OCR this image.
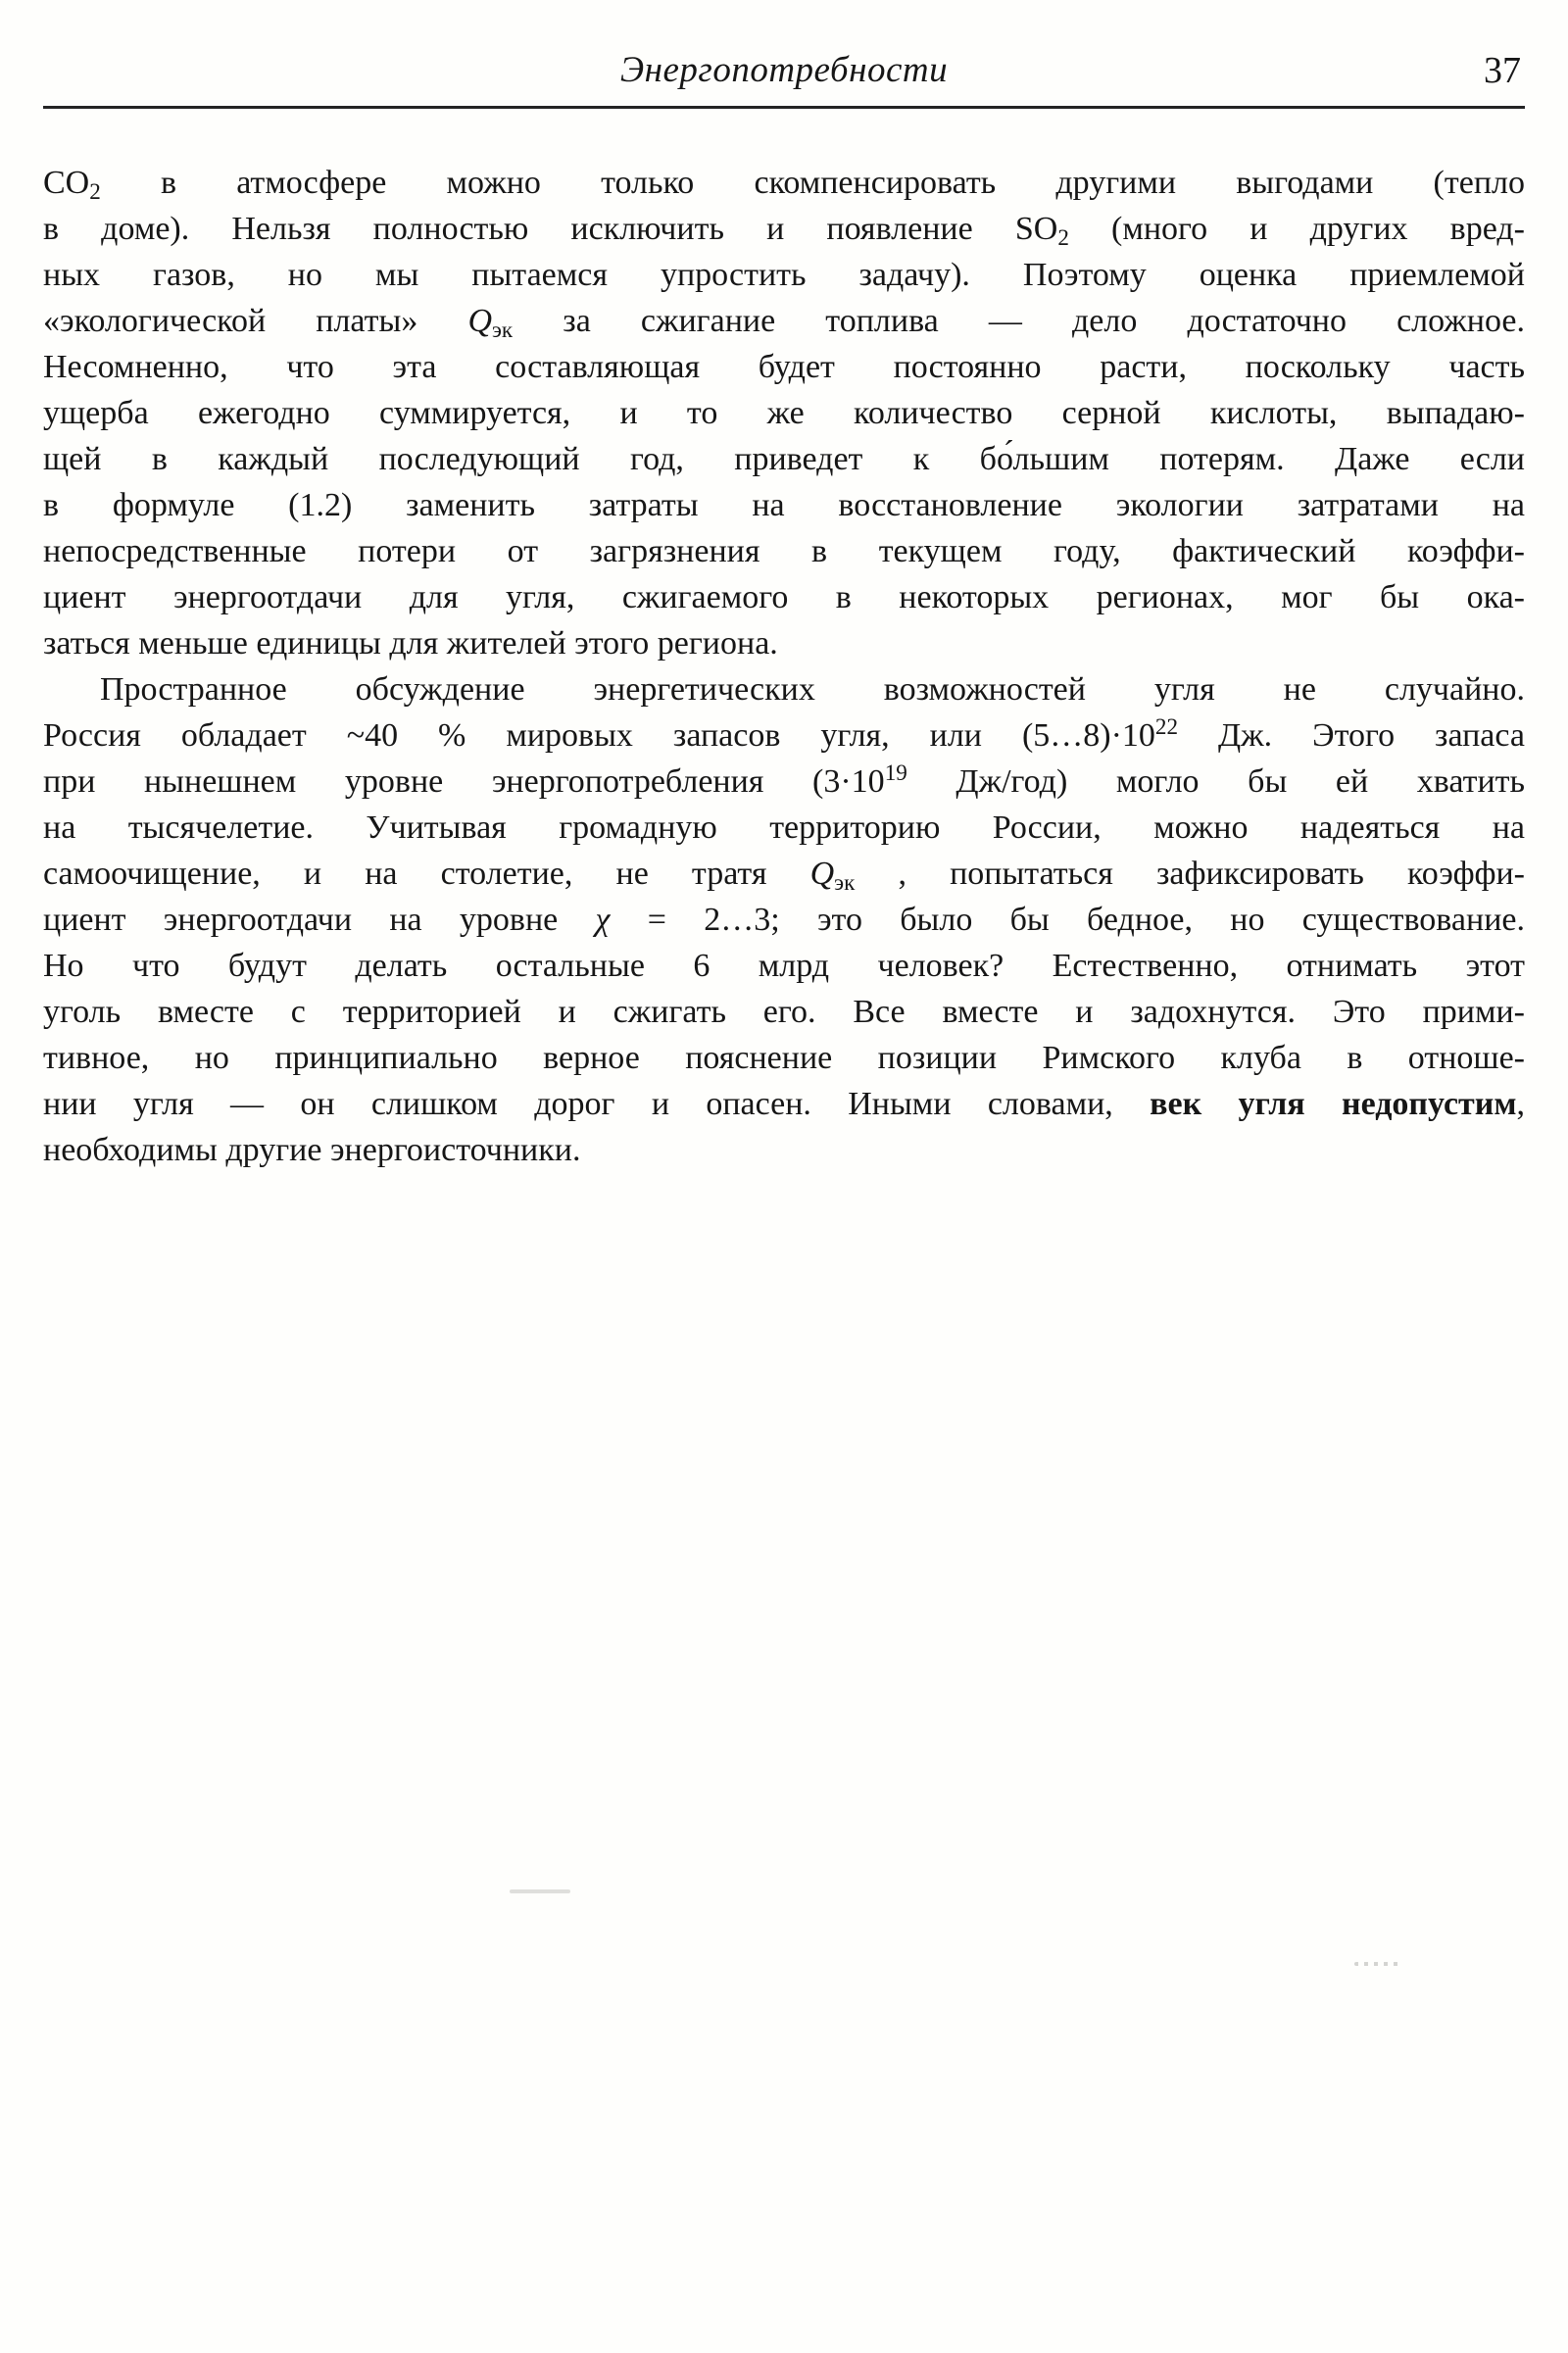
Энергопотребности	37
CO2 в атмосфере можно только скомпенсировать другими выгодами (тепло
в доме). Нельзя полностью исключить и появление SO2 (много и других вред-
ных газов, но мы пытаемся упростить задачу). Поэтому оценка приемлемой
«экологической платы» Qэк за сжигание топлива — дело достаточно сложное.
Несомненно, что эта составляющая будет постоянно расти, поскольку часть
ущерба ежегодно суммируется, и то же количество серной кислоты, выпадаю-
щей в каждый последующий год, приведет к бо́льшим потерям. Даже если
в формуле (1.2) заменить затраты на восстановление экологии затратами на
непосредственные потери от загрязнения в текущем году, фактический коэффи-
циент энергоотдачи для угля, сжигаемого в некоторых регионах, мог бы ока-
заться меньше единицы для жителей этого региона.
Пространное обсуждение энергетических возможностей угля не случайно.
Россия обладает ~40 % мировых запасов угля, или $(5\dots 8)\cdot 10^{22}$ Дж. Этого запаса
при нынешнем уровне энергопотребления ($3\cdot 10^{19}$ Дж/год) могло бы ей хватить
на тысячелетие. Учитывая громадную территорию России, можно надеяться на
самоочищение, и на столетие, не тратя Qэк , попытаться зафиксировать коэффи-
циент энергоотдачи на уровне χ = 2…3; это было бы бедное, но существование.
Но что будут делать остальные 6 млрд человек? Естественно, отнимать этот
уголь вместе с территорией и сжигать его. Все вместе и задохнутся. Это прими-
тивное, но принципиально верное пояснение позиции Римского клуба в отноше-
нии угля — он слишком дорог и опасен. Иными словами, век угля недопустим,
необходимы другие энергоисточники.
